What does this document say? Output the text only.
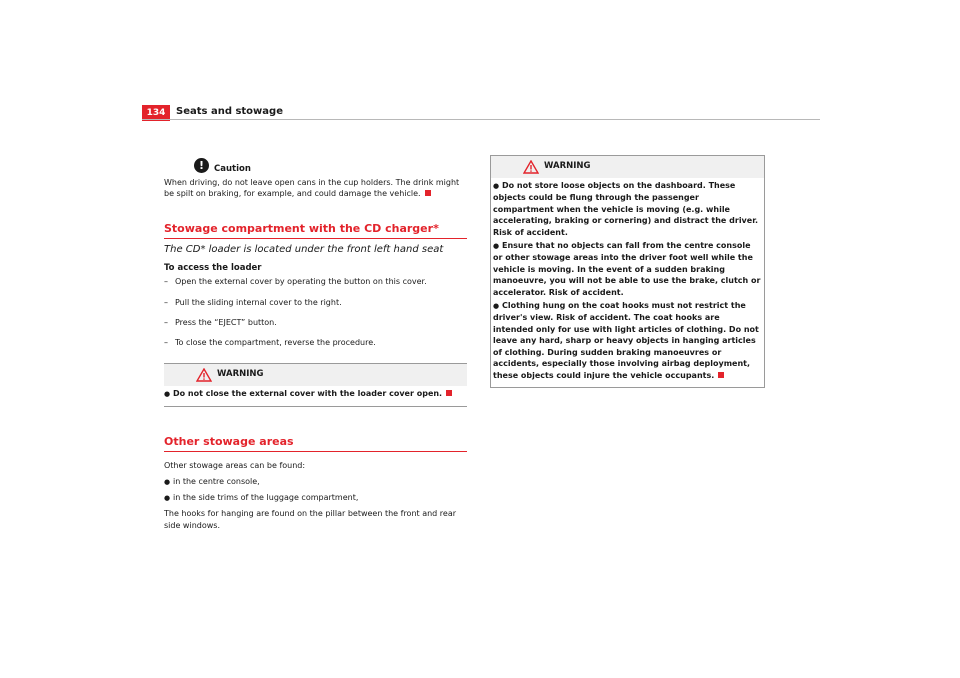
134	Seats and stowage
!	Caution
When driving, do not leave open cans in the cup holders. The drink might be spilt on braking, for example, and could damage the vehicle.
Stowage compartment with the CD charger*
The CD* loader is located under the front left hand seat
To access the loader
– Open the external cover by operating the button on this cover.
– Pull the sliding internal cover to the right.
– Press the “EJECT” button.
– To close the compartment, reverse the procedure.
WARNING
● Do not close the external cover with the loader cover open.
Other stowage areas
Other stowage areas can be found:
● in the centre console,
● in the side trims of the luggage compartment,
The hooks for hanging are found on the pillar between the front and rear side windows.
WARNING
● Do not store loose objects on the dashboard. These objects could be flung through the passenger compartment when the vehicle is moving (e.g. while accelerating, braking or cornering) and distract the driver. Risk of accident.
● Ensure that no objects can fall from the centre console or other stowage areas into the driver foot well while the vehicle is moving. In the event of a sudden braking manoeuvre, you will not be able to use the brake, clutch or accelerator. Risk of accident.
● Clothing hung on the coat hooks must not restrict the driver's view. Risk of accident. The coat hooks are intended only for use with light articles of clothing. Do not leave any hard, sharp or heavy objects in hanging articles of clothing. During sudden braking manoeuvres or accidents, especially those involving airbag deployment, these objects could injure the vehicle occupants.
